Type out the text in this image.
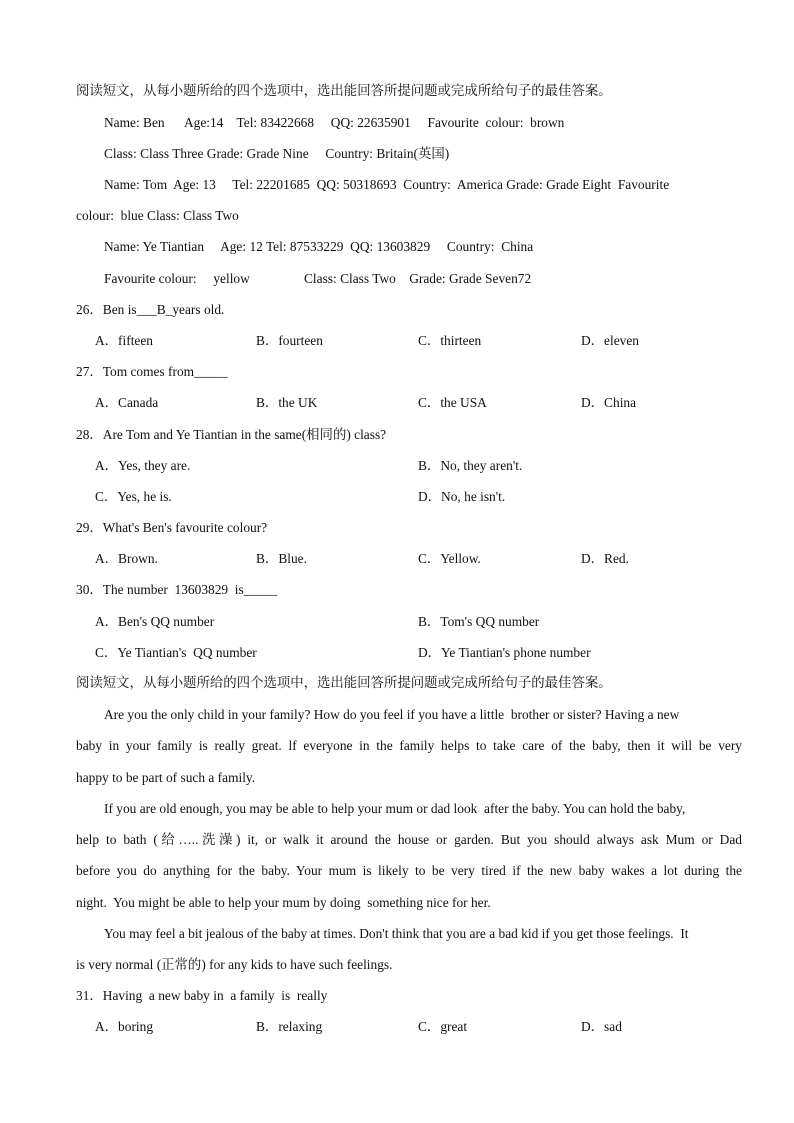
阅读短文，从每小题所给的四个选项中，选出能回答所提问题或完成所给句子的最佳答案。
Name: Ben      Age:14    Tel: 83422668     QQ: 22635901     Favourite  colour:  brown
Class: Class Three Grade: Grade Nine     Country: Britain(英国)
Name: Tom  Age: 13     Tel: 22201685  QQ: 50318693  Country:  America Grade: Grade Eight  Favourite
colour:  blue Class: Class Two
Name: Ye Tiantian     Age: 12 Tel: 87533229  QQ: 13603829     Country:  China
Favourite colour:     yellow	Class: Class Two    Grade: Grade Seven72
26．Ben is___B_years old.
A．fifteen	B．fourteen	C．thirteen	D．eleven
27．Tom comes from_____
A．Canada	B．the UK	C．the USA	D．China
28．Are Tom and Ye Tiantian in the same(相同的) class?
A．Yes, they are.	B．No, they aren't.
C．Yes, he is.	D．No, he isn't.
29．What's Ben's favourite colour?
A．Brown.	B．Blue.	C．Yellow.	D．Red.
30．The number  13603829  is_____
A．Ben's QQ number	B．Tom's QQ number
C．Ye Tiantian's  QQ number	D．Ye Tiantian's phone number
阅读短文，从每小题所给的四个选项中，选出能回答所提问题或完成所给句子的最佳答案。
Are you the only child in your family? How do you feel if you have a little  brother or sister? Having a new
baby in your family is really great. lf everyone in the family helps to take care of the baby, then it will be very
happy to be part of such a family.
If you are old enough, you may be able to help your mum or dad look  after the baby. You can hold the baby,
help to bath (给…..洗澡) it, or walk it around the house or garden. But you should always ask Mum or Dad
before you do anything for the baby. Your mum is likely to be very tired if the new baby wakes a lot during the
night.  You might be able to help your mum by doing  something nice for her.
You may feel a bit jealous of the baby at times. Don't think that you are a bad kid if you get those feelings.  It
is very normal (正常的) for any kids to have such feelings.
31．Having  a new baby in  a family  is  really
A．boring	B．relaxing	C．great	D．sad
